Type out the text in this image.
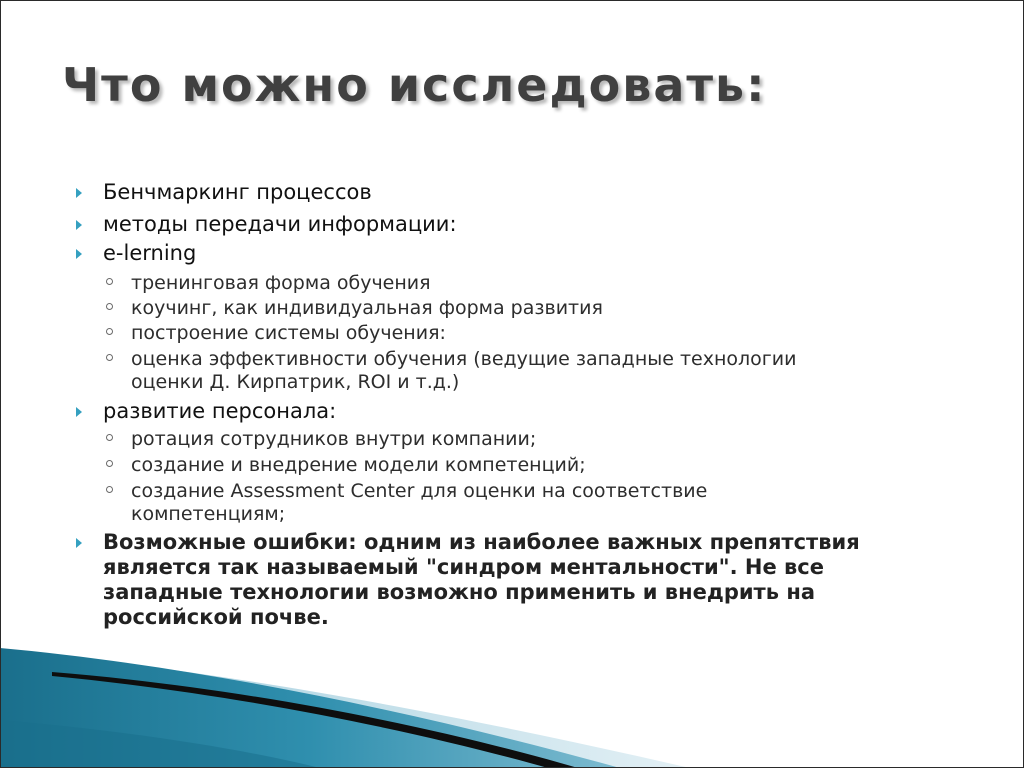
Что можно исследовать:
Бенчмаркинг процессов
методы передачи информации:
e-lerning
тренинговая форма обучения
коучинг, как индивидуальная форма развития
построение системы обучения:
оценка эффективности обучения (ведущие западные технологии
оценки Д. Кирпатрик, ROI и т.д.)
развитие персонала:
ротация сотрудников внутри компании;
создание и внедрение модели компетенций;
создание Assessment Center для оценки на соответствие
компетенциям;
Возможные ошибки: одним из наиболее важных препятствия
является так называемый "синдром ментальности". Не все
западные технологии возможно применить и внедрить на
российской почве.
